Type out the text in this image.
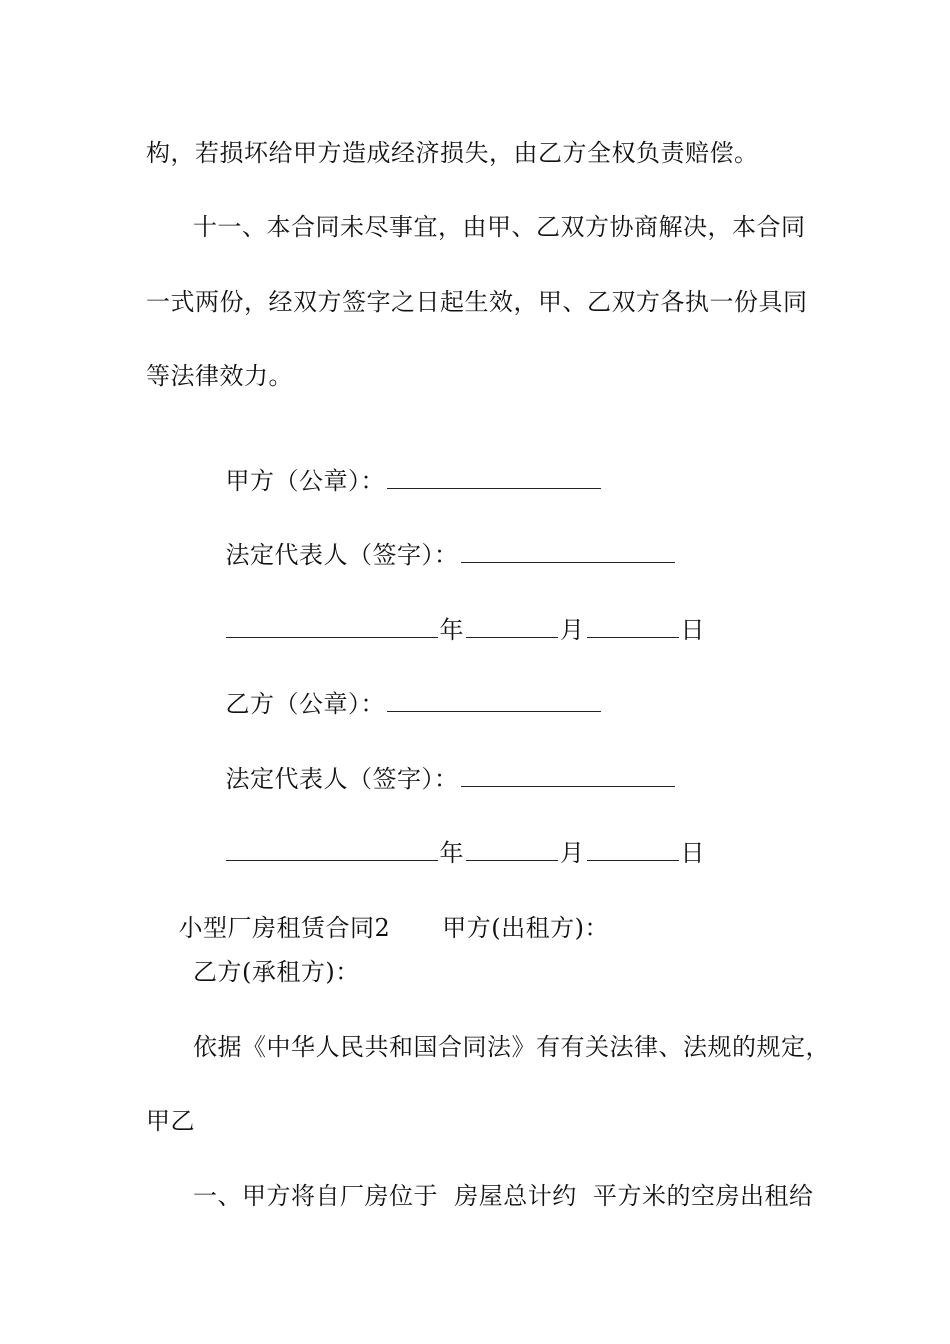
构，若损坏给甲方造成经济损失，由乙方全权负责赔偿。
十一、本合同未尽事宜，由甲、乙双方协商解决，本合同
一式两份，经双方签字之日起生效，甲、乙双方各执一份具同
等法律效力。

甲方（公章）：

法定代表人（签字）：

年	月	日

乙方（公章）：

法定代表人（签字）：

年	月	日

小型厂房租赁合同2 甲方(出租方)：

乙方(承租方)：
依据《中华人民共和国合同法》有有关法律、法规的规定，
甲乙
一、甲方将自厂房位于  房屋总计约  平方米的空房出租给
